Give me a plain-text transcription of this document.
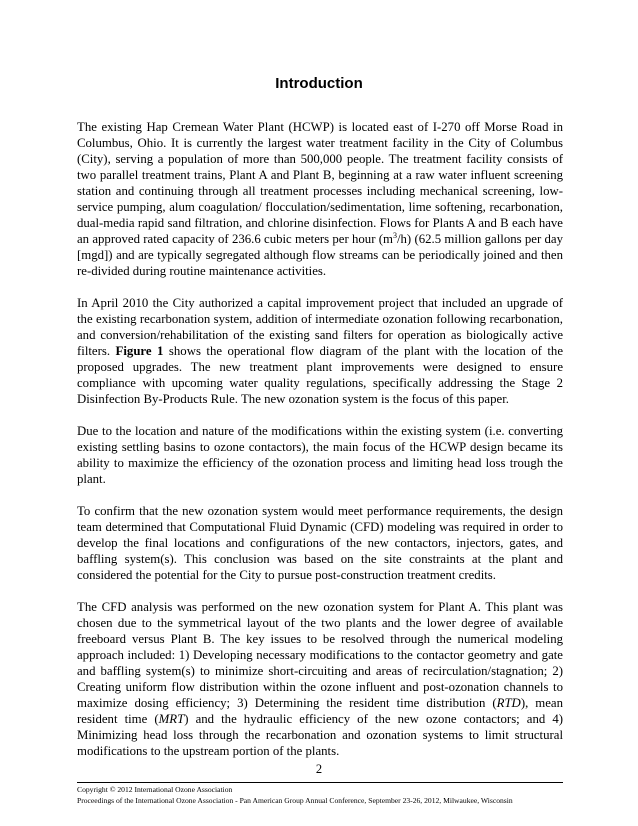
Introduction

The existing Hap Cremean Water Plant (HCWP) is located east of I-270 off Morse Road in Columbus, Ohio. It is currently the largest water treatment facility in the City of Columbus (City), serving a population of more than 500,000 people. The treatment facility consists of two parallel treatment trains, Plant A and Plant B, beginning at a raw water influent screening station and continuing through all treatment processes including mechanical screening, low-service pumping, alum coagulation/ flocculation/sedimentation, lime softening, recarbonation, dual-media rapid sand filtration, and chlorine disinfection. Flows for Plants A and B each have an approved rated capacity of 236.6 cubic meters per hour $(m^3/h)$ (62.5 million gallons per day [mgd]) and are typically segregated although flow streams can be periodically joined and then re-divided during routine maintenance activities.

In April 2010 the City authorized a capital improvement project that included an upgrade of the existing recarbonation system, addition of intermediate ozonation following recarbonation, and conversion/rehabilitation of the existing sand filters for operation as biologically active filters. Figure 1 shows the operational flow diagram of the plant with the location of the proposed upgrades. The new treatment plant improvements were designed to ensure compliance with upcoming water quality regulations, specifically addressing the Stage 2 Disinfection By-Products Rule. The new ozonation system is the focus of this paper.

Due to the location and nature of the modifications within the existing system (i.e. converting existing settling basins to ozone contactors), the main focus of the HCWP design became its ability to maximize the efficiency of the ozonation process and limiting head loss trough the plant.

To confirm that the new ozonation system would meet performance requirements, the design team determined that Computational Fluid Dynamic (CFD) modeling was required in order to develop the final locations and configurations of the new contactors, injectors, gates, and baffling system(s). This conclusion was based on the site constraints at the plant and considered the potential for the City to pursue post-construction treatment credits.

The CFD analysis was performed on the new ozonation system for Plant A. This plant was chosen due to the symmetrical layout of the two plants and the lower degree of available freeboard versus Plant B. The key issues to be resolved through the numerical modeling approach included: 1) Developing necessary modifications to the contactor geometry and gate and baffling system(s) to minimize short-circuiting and areas of recirculation/stagnation; 2) Creating uniform flow distribution within the ozone influent and post-ozonation channels to maximize dosing efficiency; 3) Determining the resident time distribution (RTD), mean resident time (MRT) and the hydraulic efficiency of the new ozone contactors; and 4) Minimizing head loss through the recarbonation and ozonation systems to limit structural modifications to the upstream portion of the plants.

2
Copyright © 2012 International Ozone Association
Proceedings of the International Ozone Association - Pan American Group Annual Conference, September 23-26, 2012, Milwaukee, Wisconsin
